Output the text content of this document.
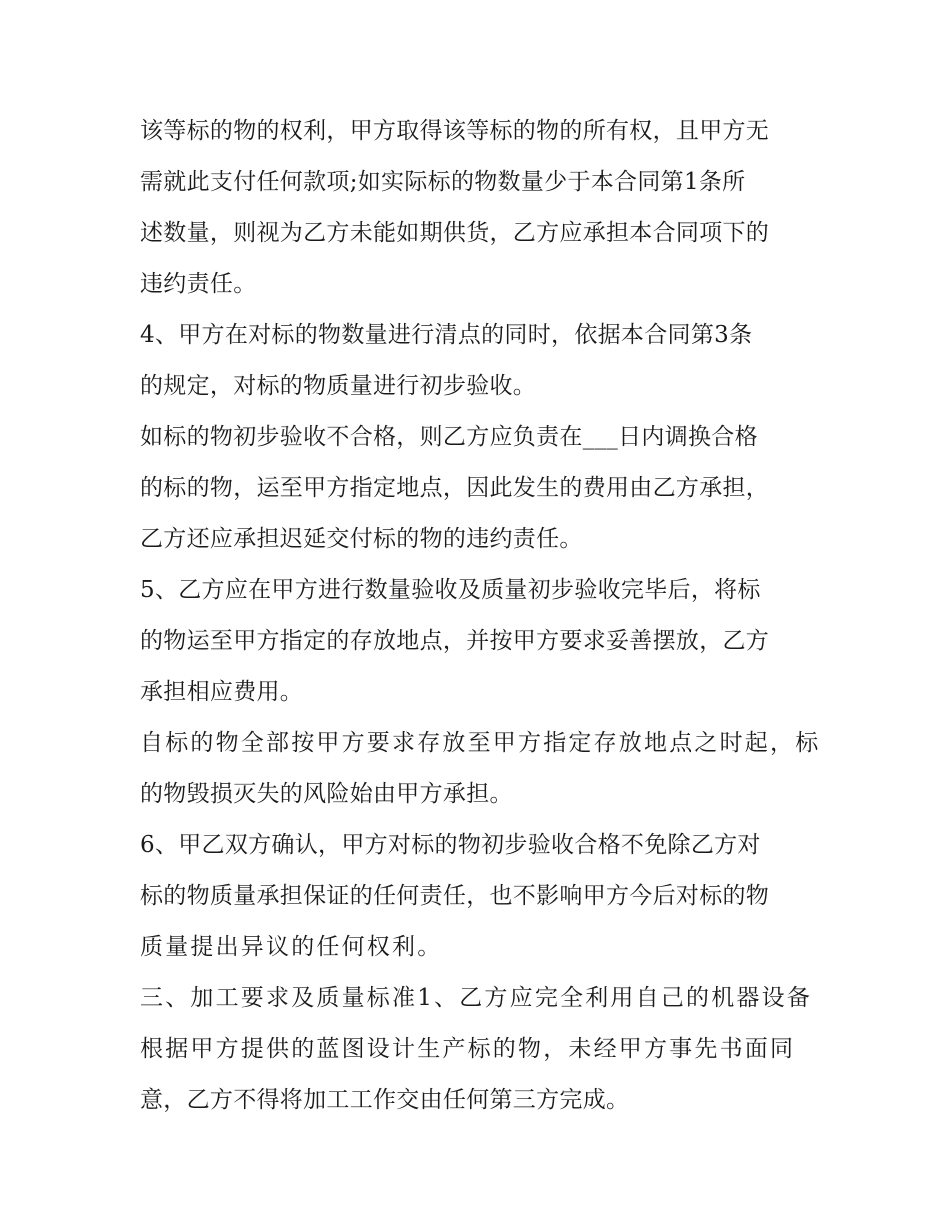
该等标的物的权利，甲方取得该等标的物的所有权，且甲方无
需就此支付任何款项;如实际标的物数量少于本合同第1条所
述数量，则视为乙方未能如期供货，乙方应承担本合同项下的
违约责任。
4、甲方在对标的物数量进行清点的同时，依据本合同第3条
的规定，对标的物质量进行初步验收。
如标的物初步验收不合格，则乙方应负责在___日内调换合格
的标的物，运至甲方指定地点，因此发生的费用由乙方承担，
乙方还应承担迟延交付标的物的违约责任。
5、乙方应在甲方进行数量验收及质量初步验收完毕后，将标
的物运至甲方指定的存放地点，并按甲方要求妥善摆放，乙方
承担相应费用。
自标的物全部按甲方要求存放至甲方指定存放地点之时起，标
的物毁损灭失的风险始由甲方承担。
6、甲乙双方确认，甲方对标的物初步验收合格不免除乙方对
标的物质量承担保证的任何责任，也不影响甲方今后对标的物
质量提出异议的任何权利。
三、加工要求及质量标准1、乙方应完全利用自己的机器设备
根据甲方提供的蓝图设计生产标的物，未经甲方事先书面同
意，乙方不得将加工工作交由任何第三方完成。
